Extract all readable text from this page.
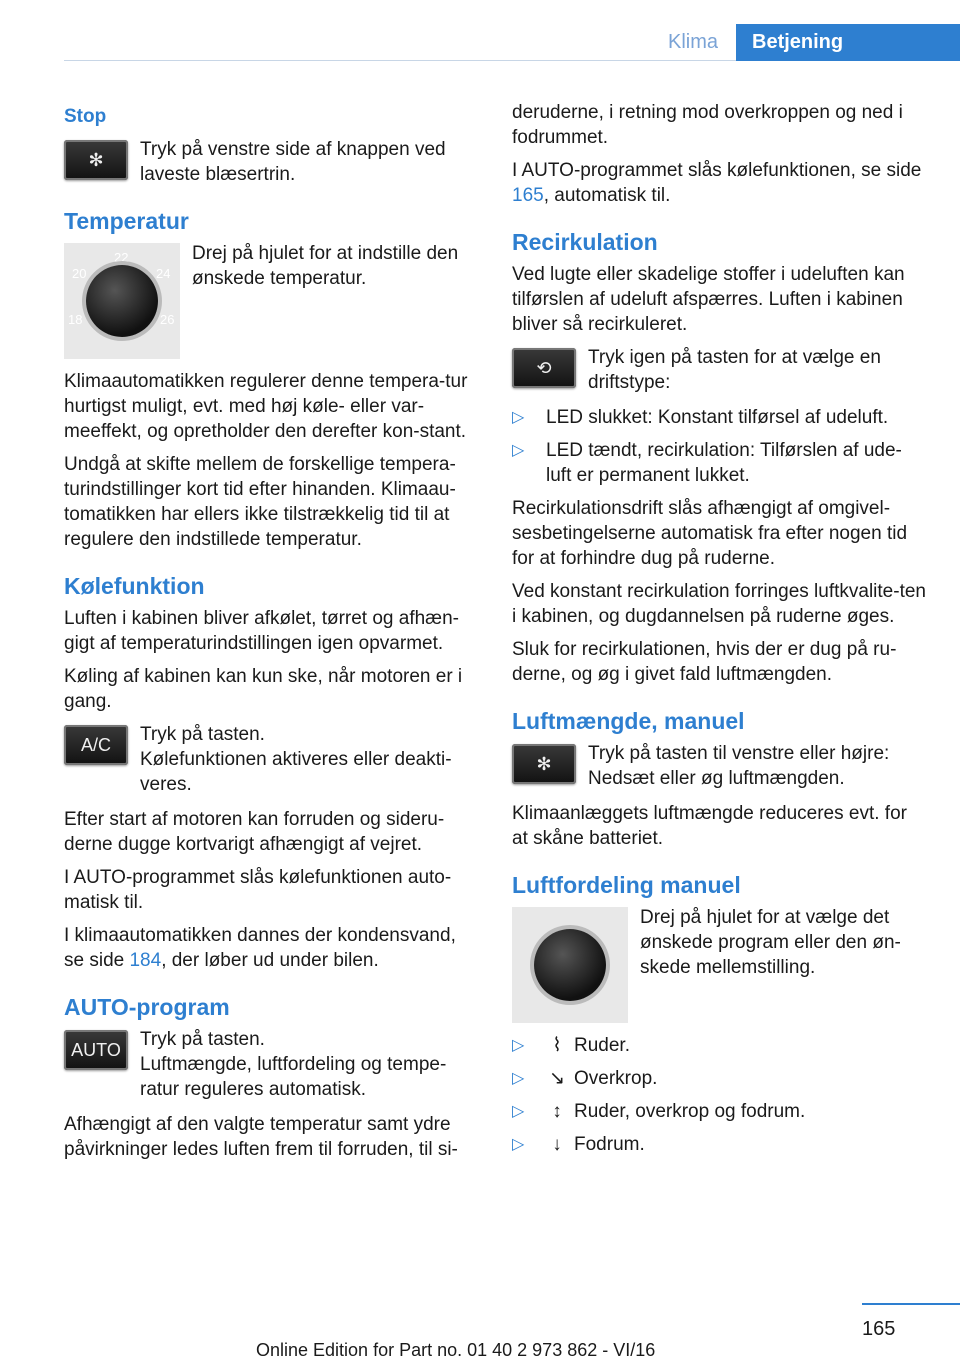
Klima	Betjening
Stop
✻	Tryk på venstre side af knappen ved laveste blæsertrin.
Temperatur
22
20	24
18	26
Drej på hjulet for at indstille den ønskede temperatur.

Klimaautomatikken regulerer denne tempera‐tur hurtigst muligt, evt. med høj køle- eller var‐meeffekt, og opretholder den derefter kon‐stant.

Undgå at skifte mellem de forskellige tempera‐turindstillinger kort tid efter hinanden. Klimaau‐tomatikken har ellers ikke tilstrækkelig tid til at regulere den indstillede temperatur.

Kølefunktion

Luften i kabinen bliver afkølet, tørret og afhæn‐gigt af temperaturindstillingen igen opvarmet.

Køling af kabinen kan kun ske, når motoren er i gang.

A/C	Tryk på tasten.
Kølefunktionen aktiveres eller deakti‐veres.

Efter start af motoren kan forruden og sideru‐derne dugge kortvarigt afhængigt af vejret.

I AUTO-programmet slås kølefunktionen auto‐matisk til.

I klimaautomatikken dannes der kondensvand, se side 184, der løber ud under bilen.

AUTO-program
AUTO	Tryk på tasten.
Luftmængde, luftfordeling og tempe‐ratur reguleres automatisk.

Afhængigt af den valgte temperatur samt ydre påvirkninger ledes luften frem til forruden, til si‐

deruderne, i retning mod overkroppen og ned i fodrummet.

I AUTO-programmet slås kølefunktionen, se side 165, automatisk til.

Recirkulation

Ved lugte eller skadelige stoffer i udeluften kan tilførslen af udeluft afspærres. Luften i kabinen bliver så recirkuleret.

⟲	Tryk igen på tasten for at vælge en driftstype:
▷ LED slukket: Konstant tilførsel af udeluft.
▷ LED tændt, recirkulation: Tilførslen af ude‐luft er permanent lukket.

Recirkulationsdrift slås afhængigt af omgivel‐sesbetingelserne automatisk fra efter nogen tid for at forhindre dug på ruderne.

Ved konstant recirkulation forringes luftkvalite‐ten i kabinen, og dugdannelsen på ruderne øges.

Sluk for recirkulationen, hvis der er dug på ru‐derne, og øg i givet fald luftmængden.

Luftmængde, manuel
✻	Tryk på tasten til venstre eller højre: Nedsæt eller øg luftmængden.

Klimaanlæggets luftmængde reduceres evt. for at skåne batteriet.

Luftfordeling manuel
Drej på hjulet for at vælge det ønskede program eller den øn‐skede mellemstilling.
▷ ⌇ Ruder.
▷ ↘ Overkrop.
▷ ↕ Ruder, overkrop og fodrum.
▷ ↓ Fodrum.
165
Online Edition for Part no. 01 40 2 973 862 - VI/16
